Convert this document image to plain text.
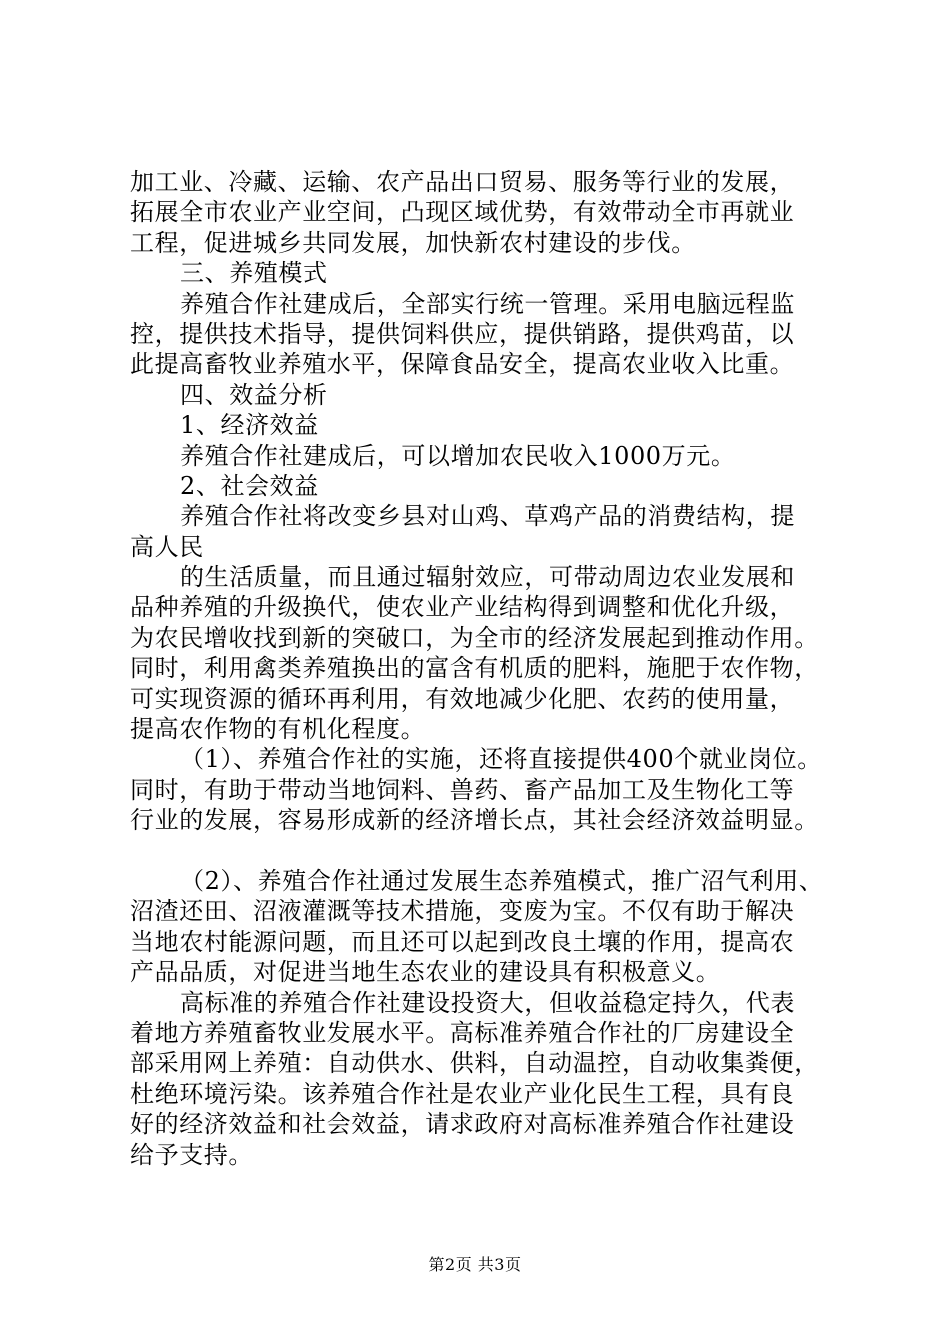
加工业、冷藏、运输、农产品出口贸易、服务等行业的发展，
拓展全市农业产业空间，凸现区域优势，有效带动全市再就业
工程，促进城乡共同发展，加快新农村建设的步伐。
三、养殖模式
养殖合作社建成后，全部实行统一管理。采用电脑远程监
控，提供技术指导，提供饲料供应，提供销路，提供鸡苗，以
此提高畜牧业养殖水平，保障食品安全，提高农业收入比重。
四、效益分析
1、经济效益
养殖合作社建成后，可以增加农民收入1000万元。
2、社会效益
养殖合作社将改变乡县对山鸡、草鸡产品的消费结构，提
高人民
的生活质量，而且通过辐射效应，可带动周边农业发展和
品种养殖的升级换代，使农业产业结构得到调整和优化升级，
为农民增收找到新的突破口，为全市的经济发展起到推动作用。
同时，利用禽类养殖换出的富含有机质的肥料，施肥于农作物，
可实现资源的循环再利用，有效地减少化肥、农药的使用量，
提高农作物的有机化程度。
（1）、养殖合作社的实施，还将直接提供400个就业岗位。
同时，有助于带动当地饲料、兽药、畜产品加工及生物化工等
行业的发展，容易形成新的经济增长点，其社会经济效益明显。
（2）、养殖合作社通过发展生态养殖模式，推广沼气利用、
沼渣还田、沼液灌溉等技术措施，变废为宝。不仅有助于解决
当地农村能源问题，而且还可以起到改良土壤的作用，提高农
产品品质，对促进当地生态农业的建设具有积极意义。
高标准的养殖合作社建设投资大，但收益稳定持久，代表
着地方养殖畜牧业发展水平。高标准养殖合作社的厂房建设全
部采用网上养殖：自动供水、供料，自动温控，自动收集粪便，
杜绝环境污染。该养殖合作社是农业产业化民生工程，具有良
好的经济效益和社会效益，请求政府对高标准养殖合作社建设
给予支持。
第2页 共3页
